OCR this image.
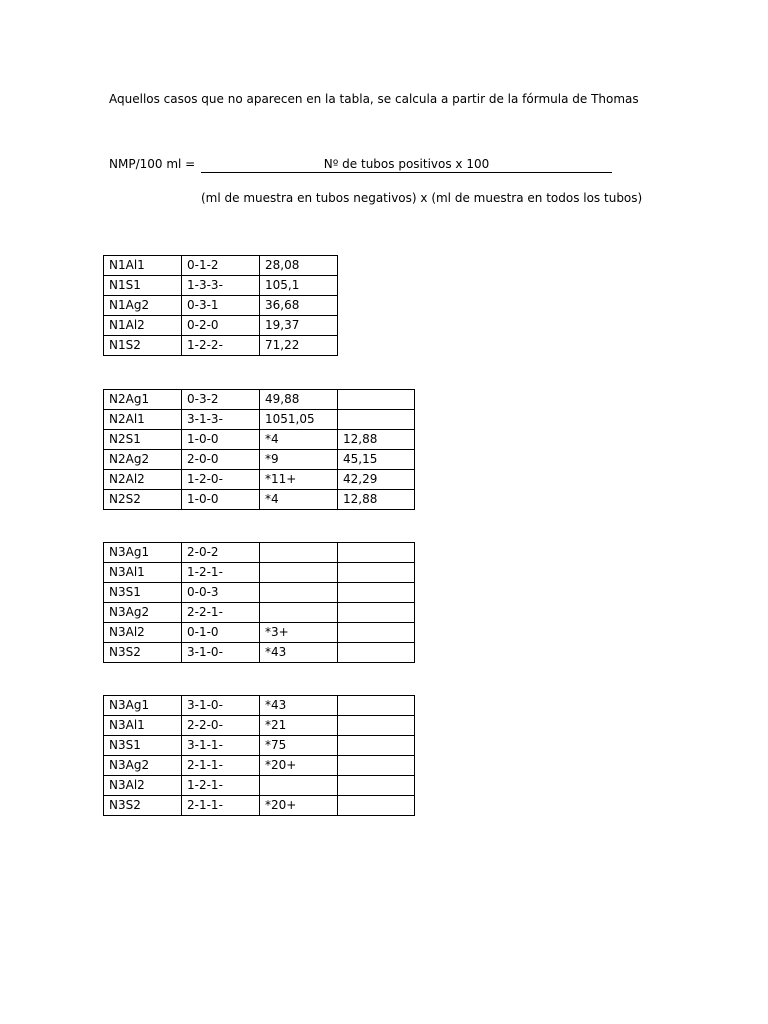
Aquellos casos que no aparecen en la tabla, se calcula a partir de la fórmula de Thomas
NMP/100 ml =	Nº de tubos positivos x 100
(ml de muestra en tubos negativos) x (ml de muestra en todos los tubos)
N1Al1	0-1-2	28,08
N1S1	1-3-3-	105,1
N1Ag2	0-3-1	36,68
N1Al2	0-2-0	19,37
N1S2	1-2-2-	71,22
N2Ag1	0-3-2	49,88	
N2Al1	3-1-3-	1051,05	
N2S1	1-0-0	*4	12,88
N2Ag2	2-0-0	*9	45,15
N2Al2	1-2-0-	*11+	42,29
N2S2	1-0-0	*4	12,88
N3Ag1	2-0-2		
N3Al1	1-2-1-		
N3S1	0-0-3		
N3Ag2	2-2-1-		
N3Al2	0-1-0	*3+	
N3S2	3-1-0-	*43	
N3Ag1	3-1-0-	*43	
N3Al1	2-2-0-	*21	
N3S1	3-1-1-	*75	
N3Ag2	2-1-1-	*20+	
N3Al2	1-2-1-		
N3S2	2-1-1-	*20+	
